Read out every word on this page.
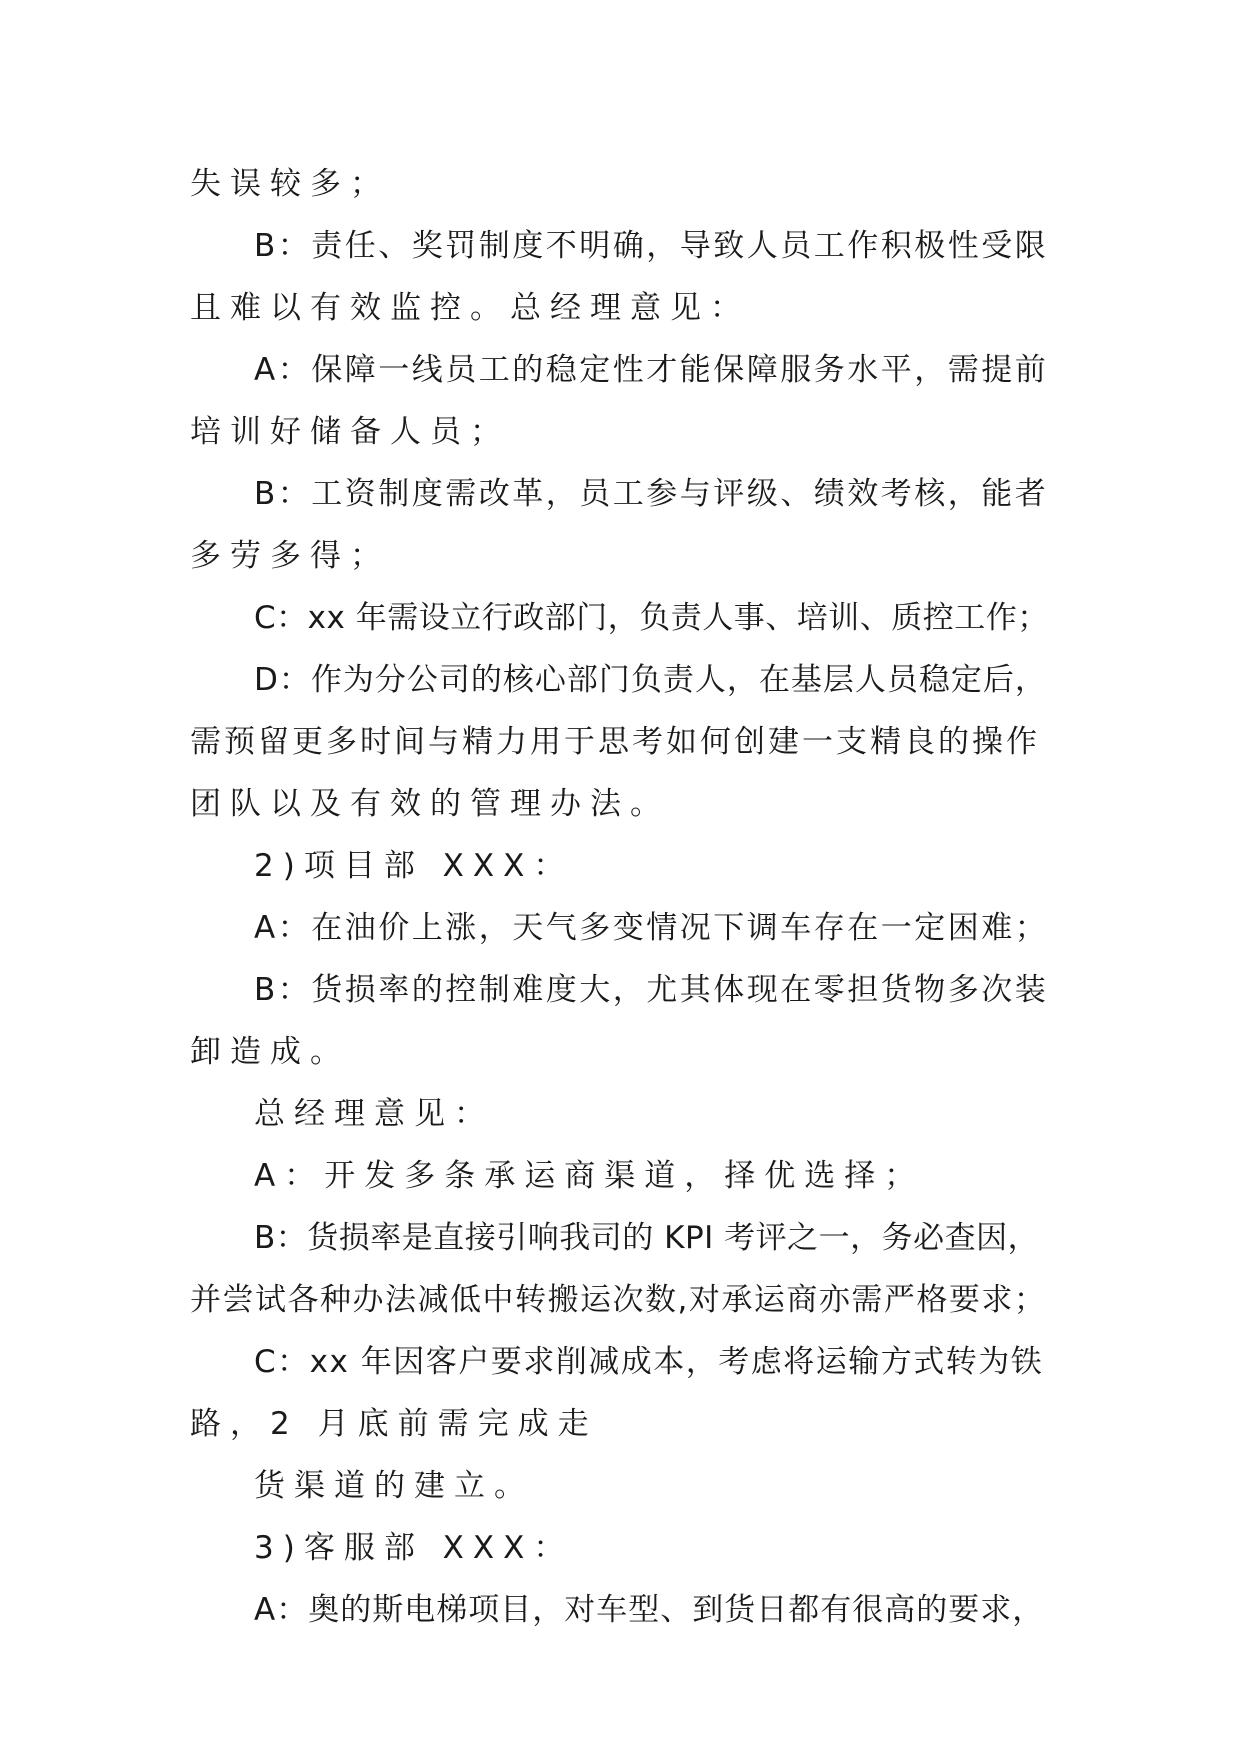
失误较多；
B：责任、奖罚制度不明确，导致人员工作积极性受限
且难以有效监控。总经理意见：
A：保障一线员工的稳定性才能保障服务水平，需提前
培训好储备人员；
B：工资制度需改革，员工参与评级、绩效考核，能者
多劳多得；
C：xx 年需设立行政部门，负责人事、培训、质控工作；
D：作为分公司的核心部门负责人，在基层人员稳定后，
需预留更多时间与精力用于思考如何创建一支精良的操作
团队以及有效的管理办法。
2)项目部 XXX：
A：在油价上涨，天气多变情况下调车存在一定困难；
B：货损率的控制难度大，尤其体现在零担货物多次装
卸造成。
总经理意见：
A：开发多条承运商渠道，择优选择；
B：货损率是直接引响我司的 KPI 考评之一，务必查因，
并尝试各种办法减低中转搬运次数,对承运商亦需严格要求；
C：xx 年因客户要求削减成本，考虑将运输方式转为铁
路，2 月底前需完成走
货渠道的建立。
3)客服部 XXX：
A：奥的斯电梯项目，对车型、到货日都有很高的要求，
